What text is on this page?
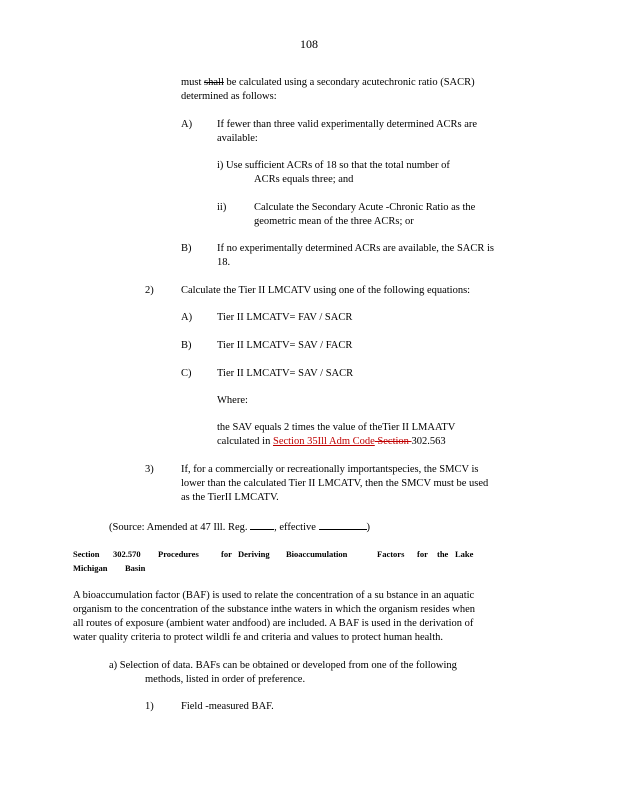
108
must shall be calculated using a secondary acutechronic ratio (SACR)
determined as follows:
A) If fewer than three valid experimentally determined ACRs are
available:
i) Use sufficient ACRs of 18 so that the total number of
ACRs equals three; and
ii)	Calculate the Secondary Acute -Chronic Ratio as the
geometric mean of the three ACRs; or
B) If no experimentally determined ACRs are available, the SACR is
18.
2)	Calculate the Tier II LMCATV using one of the following equations:
A) Tier II LMCATV= FAV / SACR
B) Tier II LMCATV= SAV / FACR
C) Tier II LMCATV= SAV / SACR
Where:
the SAV equals 2 times the value of theTier II LMAATV
calculated in Section 35Ill Adm Code Section 302.563
3)	If, for a commercially or recreationally importantspecies, the SMCV is
lower than the calculated Tier II LMCATV, then the SMCV must be used
as the TierII LMCATV.
(Source: Amended at 47 Ill. Reg.	, effective	)
Section 302.570 Procedures	for Deriving Bioaccumulation	Factors for the Lake
Michigan Basin
A bioaccumulation factor (BAF) is used to relate the concentration of a su bstance in an aquatic
organism to the concentration of the substance inthe waters in which the organism resides when
all routes of exposure (ambient water andfood) are included. A BAF is used in the derivation of
water quality criteria to protect wildli fe and criteria and values to protect human health.
a) Selection of data. BAFs can be obtained or developed from one of the following
methods, listed in order of preference.
1)	Field -measured BAF.
